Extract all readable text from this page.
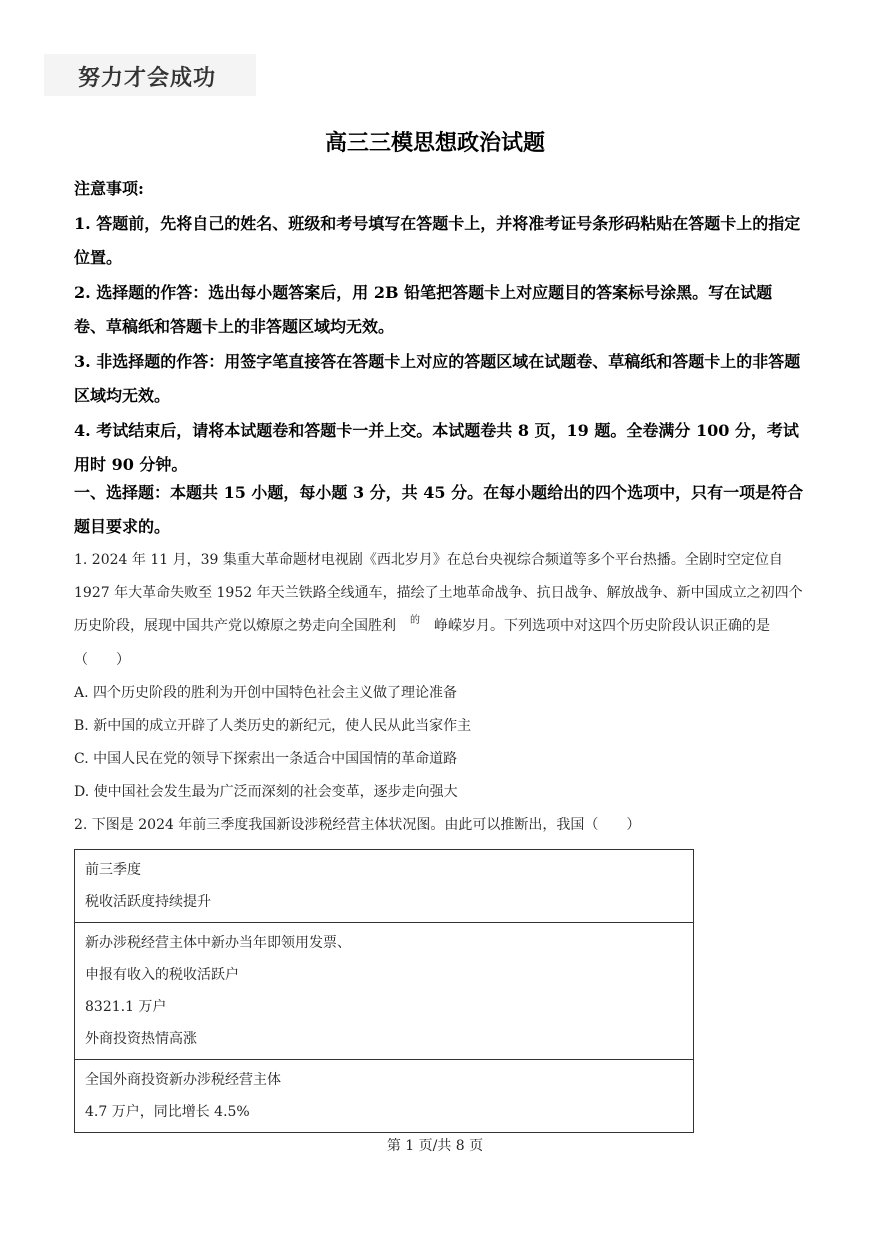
努力才会成功
高三三模思想政治试题

注意事项:

1. 答题前，先将自己的姓名、班级和考号填写在答题卡上，并将准考证号条形码粘贴在答题卡上的指定位置。

2. 选择题的作答：选出每小题答案后，用 2B 铅笔把答题卡上对应题目的答案标号涂黑。写在试题卷、草稿纸和答题卡上的非答题区域均无效。

3. 非选择题的作答：用签字笔直接答在答题卡上对应的答题区域在试题卷、草稿纸和答题卡上的非答题区域均无效。

4. 考试结束后，请将本试题卷和答题卡一并上交。本试题卷共 8 页，19 题。全卷满分 100 分，考试用时 90 分钟。

一、选择题：本题共 15 小题，每小题 3 分，共 45 分。在每小题给出的四个选项中，只有一项是符合题目要求的。

1. 2024 年 11 月，39 集重大革命题材电视剧《西北岁月》在总台央视综合频道等多个平台热播。全剧时空定位自 1927 年大革命失败至 1952 年天兰铁路全线通车，描绘了土地革命战争、抗日战争、解放战争、新中国成立之初四个历史阶段，展现中国共产党以燎原之势走向全国胜利 $^的$ 峥嵘岁月。下列选项中对这四个历史阶段认识正确的是（　　）

A. 四个历史阶段的胜利为开创中国特色社会主义做了理论准备

B. 新中国的成立开辟了人类历史的新纪元，使人民从此当家作主

C. 中国人民在党的领导下探索出一条适合中国国情的革命道路

D. 使中国社会发生最为广泛而深刻的社会变革，逐步走向强大

2. 下图是 2024 年前三季度我国新设涉税经营主体状况图。由此可以推断出，我国（　　）

前三季度
税收活跃度持续提升

新办涉税经营主体中新办当年即领用发票、
申报有收入的税收活跃户
8321.1 万户
外商投资热情高涨

全国外商投资新办涉税经营主体
4.7 万户，同比增长 4.5%
第 1 页/共 8 页
